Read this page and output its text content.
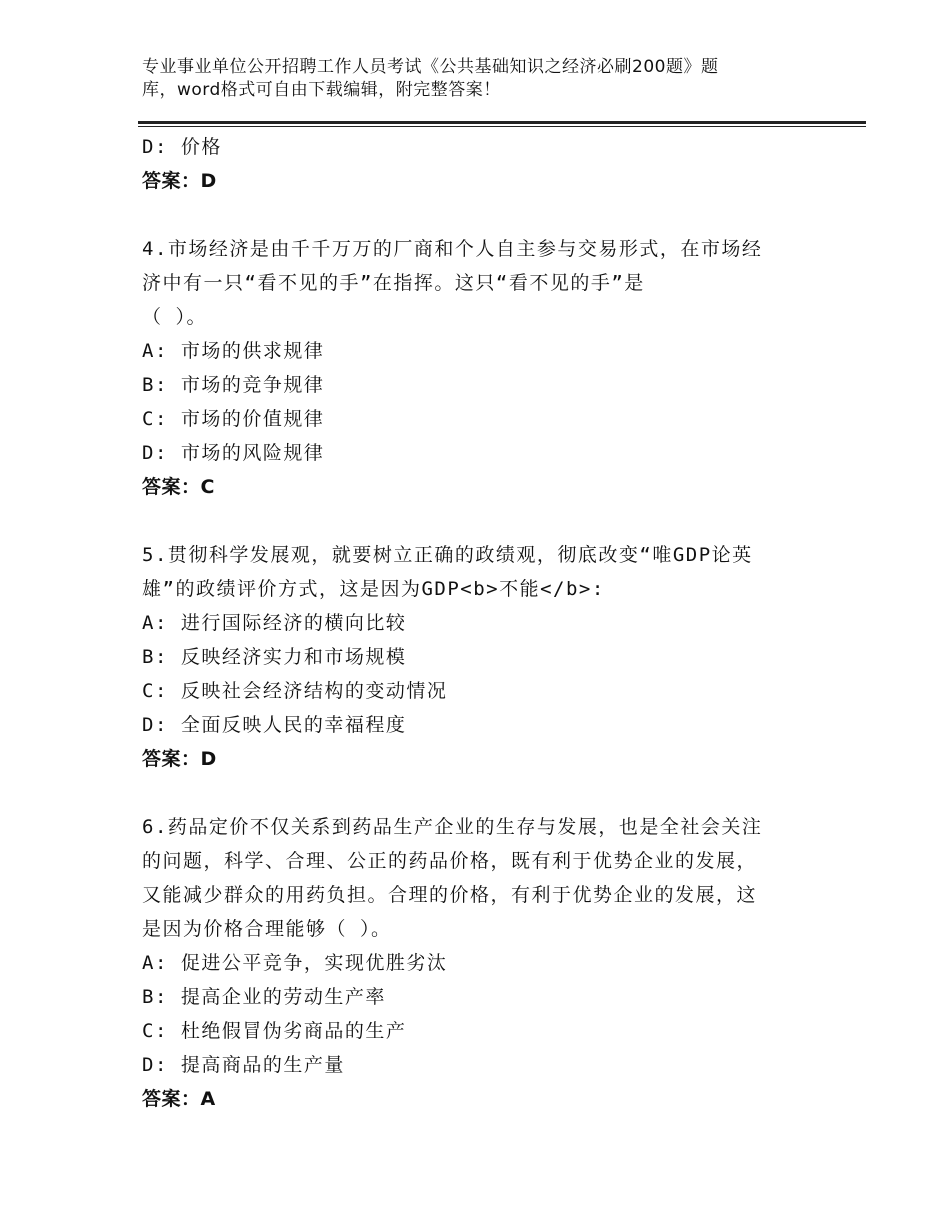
专业事业单位公开招聘工作人员考试《公共基础知识之经济必刷200题》题
库，word格式可自由下载编辑，附完整答案！
D: 价格
答案：D
4.市场经济是由千千万万的厂商和个人自主参与交易形式，在市场经
济中有一只“看不见的手”在指挥。这只“看不见的手”是
（ ）。
A: 市场的供求规律
B: 市场的竞争规律
C: 市场的价值规律
D: 市场的风险规律
答案：C
5.贯彻科学发展观，就要树立正确的政绩观，彻底改变“唯GDP论英
雄”的政绩评价方式，这是因为GDP<b>不能</b>:
A: 进行国际经济的横向比较
B: 反映经济实力和市场规模
C: 反映社会经济结构的变动情况
D: 全面反映人民的幸福程度
答案：D
6.药品定价不仅关系到药品生产企业的生存与发展，也是全社会关注
的问题，科学、合理、公正的药品价格，既有利于优势企业的发展，
又能减少群众的用药负担。合理的价格，有利于优势企业的发展，这
是因为价格合理能够（ ）。
A: 促进公平竞争，实现优胜劣汰
B: 提高企业的劳动生产率
C: 杜绝假冒伪劣商品的生产
D: 提高商品的生产量
答案：A
